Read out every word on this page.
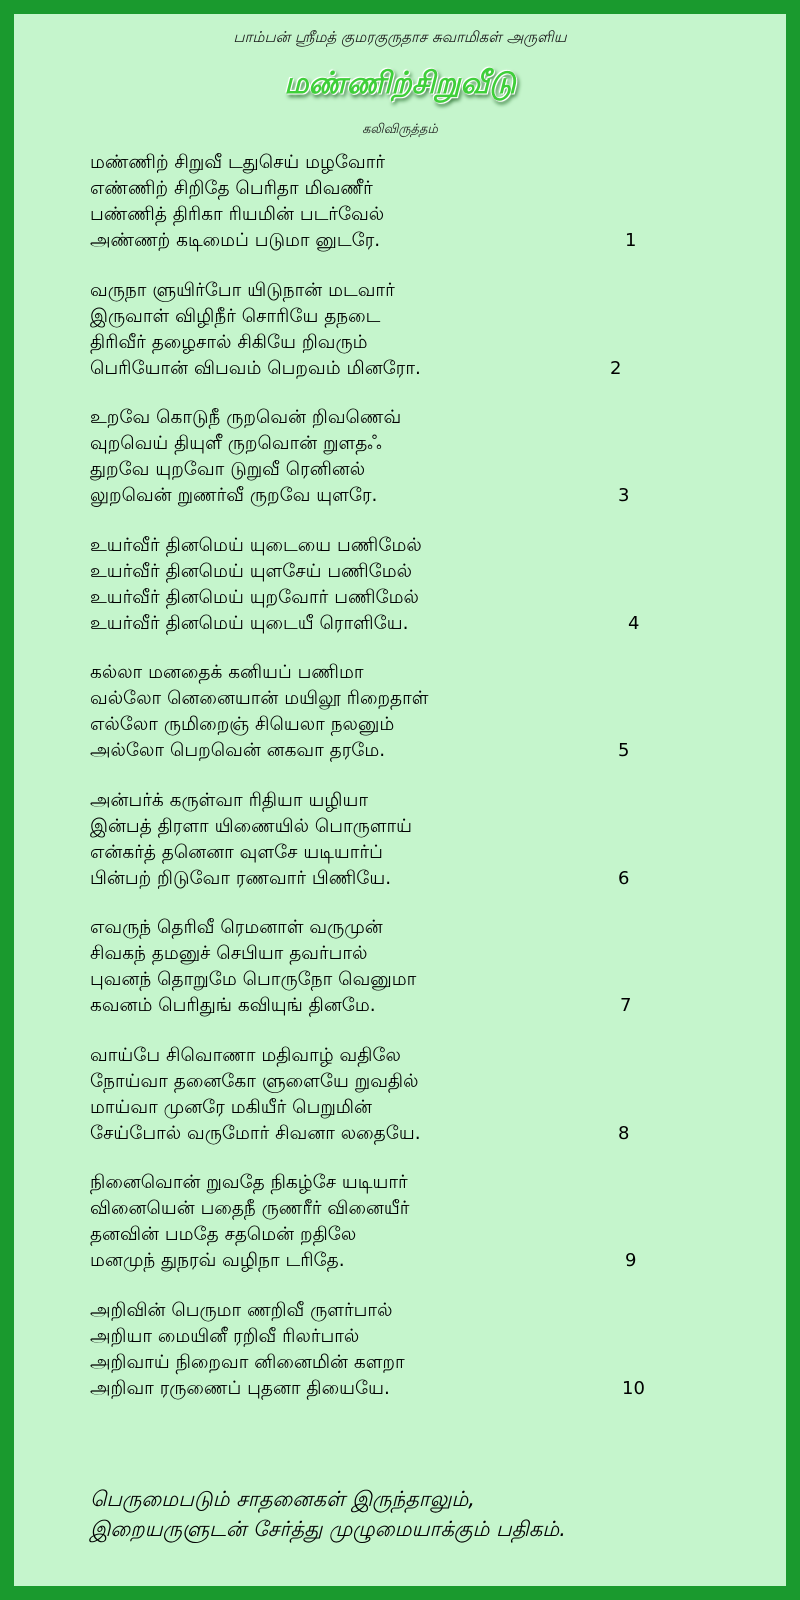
பாம்பன் ஸ்ரீமத் குமரகுருதாச சுவாமிகள் அருளிய
மண்ணிற்சிறுவீடு
கலிவிருத்தம்
மண்ணிற் சிறுவீ டதுசெய் மழவோர்
எண்ணிற் சிறிதே பெரிதா மிவணீர்
பண்ணித் திரிகா ரியமின் படர்வேல்
அண்ணற் கடிமைப் படுமா னுடரே.	1
வருநா ளுயிர்போ யிடுநான் மடவார்
இருவாள் விழிநீர் சொரியே தநடை
திரிவீர் தழைசால் சிகியே றிவரும்
பெரியோன் விபவம் பெறவம் மினரோ.	2
உறவே கொடுநீ ருறவென் றிவணெவ்
வுறவெய் தியுளீ ருறவொன் றுளதஃ
துறவே யுறவோ டுறுவீ ரெனினல்
லுறவென் றுணர்வீ ருறவே யுளரே.	3
உயர்வீர் தினமெய் யுடையை பணிமேல்
உயர்வீர் தினமெய் யுளசேய் பணிமேல்
உயர்வீர் தினமெய் யுறவோர் பணிமேல்
உயர்வீர் தினமெய் யுடையீ ரொளியே.	4
கல்லா மனதைக் கனியப் பணிமா
வல்லோ னெனையான் மயிலூ ரிறைதாள்
எல்லோ ருமிறைஞ் சியெலா நலனும்
அல்லோ பெறவென் னகவா தரமே.	5
அன்பர்க் கருள்வா ரிதியா யழியா
இன்பத் திரளா யிணையில் பொருளாய்
என்கர்த் தனெனா வுளசே யடியார்ப்
பின்பற் றிடுவோ ரணவார் பிணியே.	6
எவருந் தெரிவீ ரெமனாள் வருமுன்
சிவகந் தமனுச் செபியா தவர்பால்
புவனந் தொறுமே பொருநோ வெனுமா
கவனம் பெரிதுங் கவியுங் தினமே.	7
வாய்பே சிவொணா மதிவாழ் வதிலே
நோய்வா தனைகோ ளுளையே றுவதில்
மாய்வா முனரே மகியீர் பெறுமின்
சேய்போல் வருமோர் சிவனா லதையே.	8
நினைவொன் றுவதே நிகழ்சே யடியார்
வினையென் பதைநீ ருணரீர் வினையீர்
தனவின் பமதே சதமென் றதிலே
மனமுந் துநரவ் வழிநா டரிதே.	9
அறிவின் பெருமா ணறிவீ ருளர்பால்
அறியா மையினீ ரறிவீ ரிலர்பால்
அறிவாய் நிறைவா னினைமின் களறா
அறிவா ரருணைப் புதனா தியையே.	10
பெருமைபடும் சாதனைகள் இருந்தாலும்,
இறையருளுடன் சேர்த்து முழுமையாக்கும் பதிகம்.
